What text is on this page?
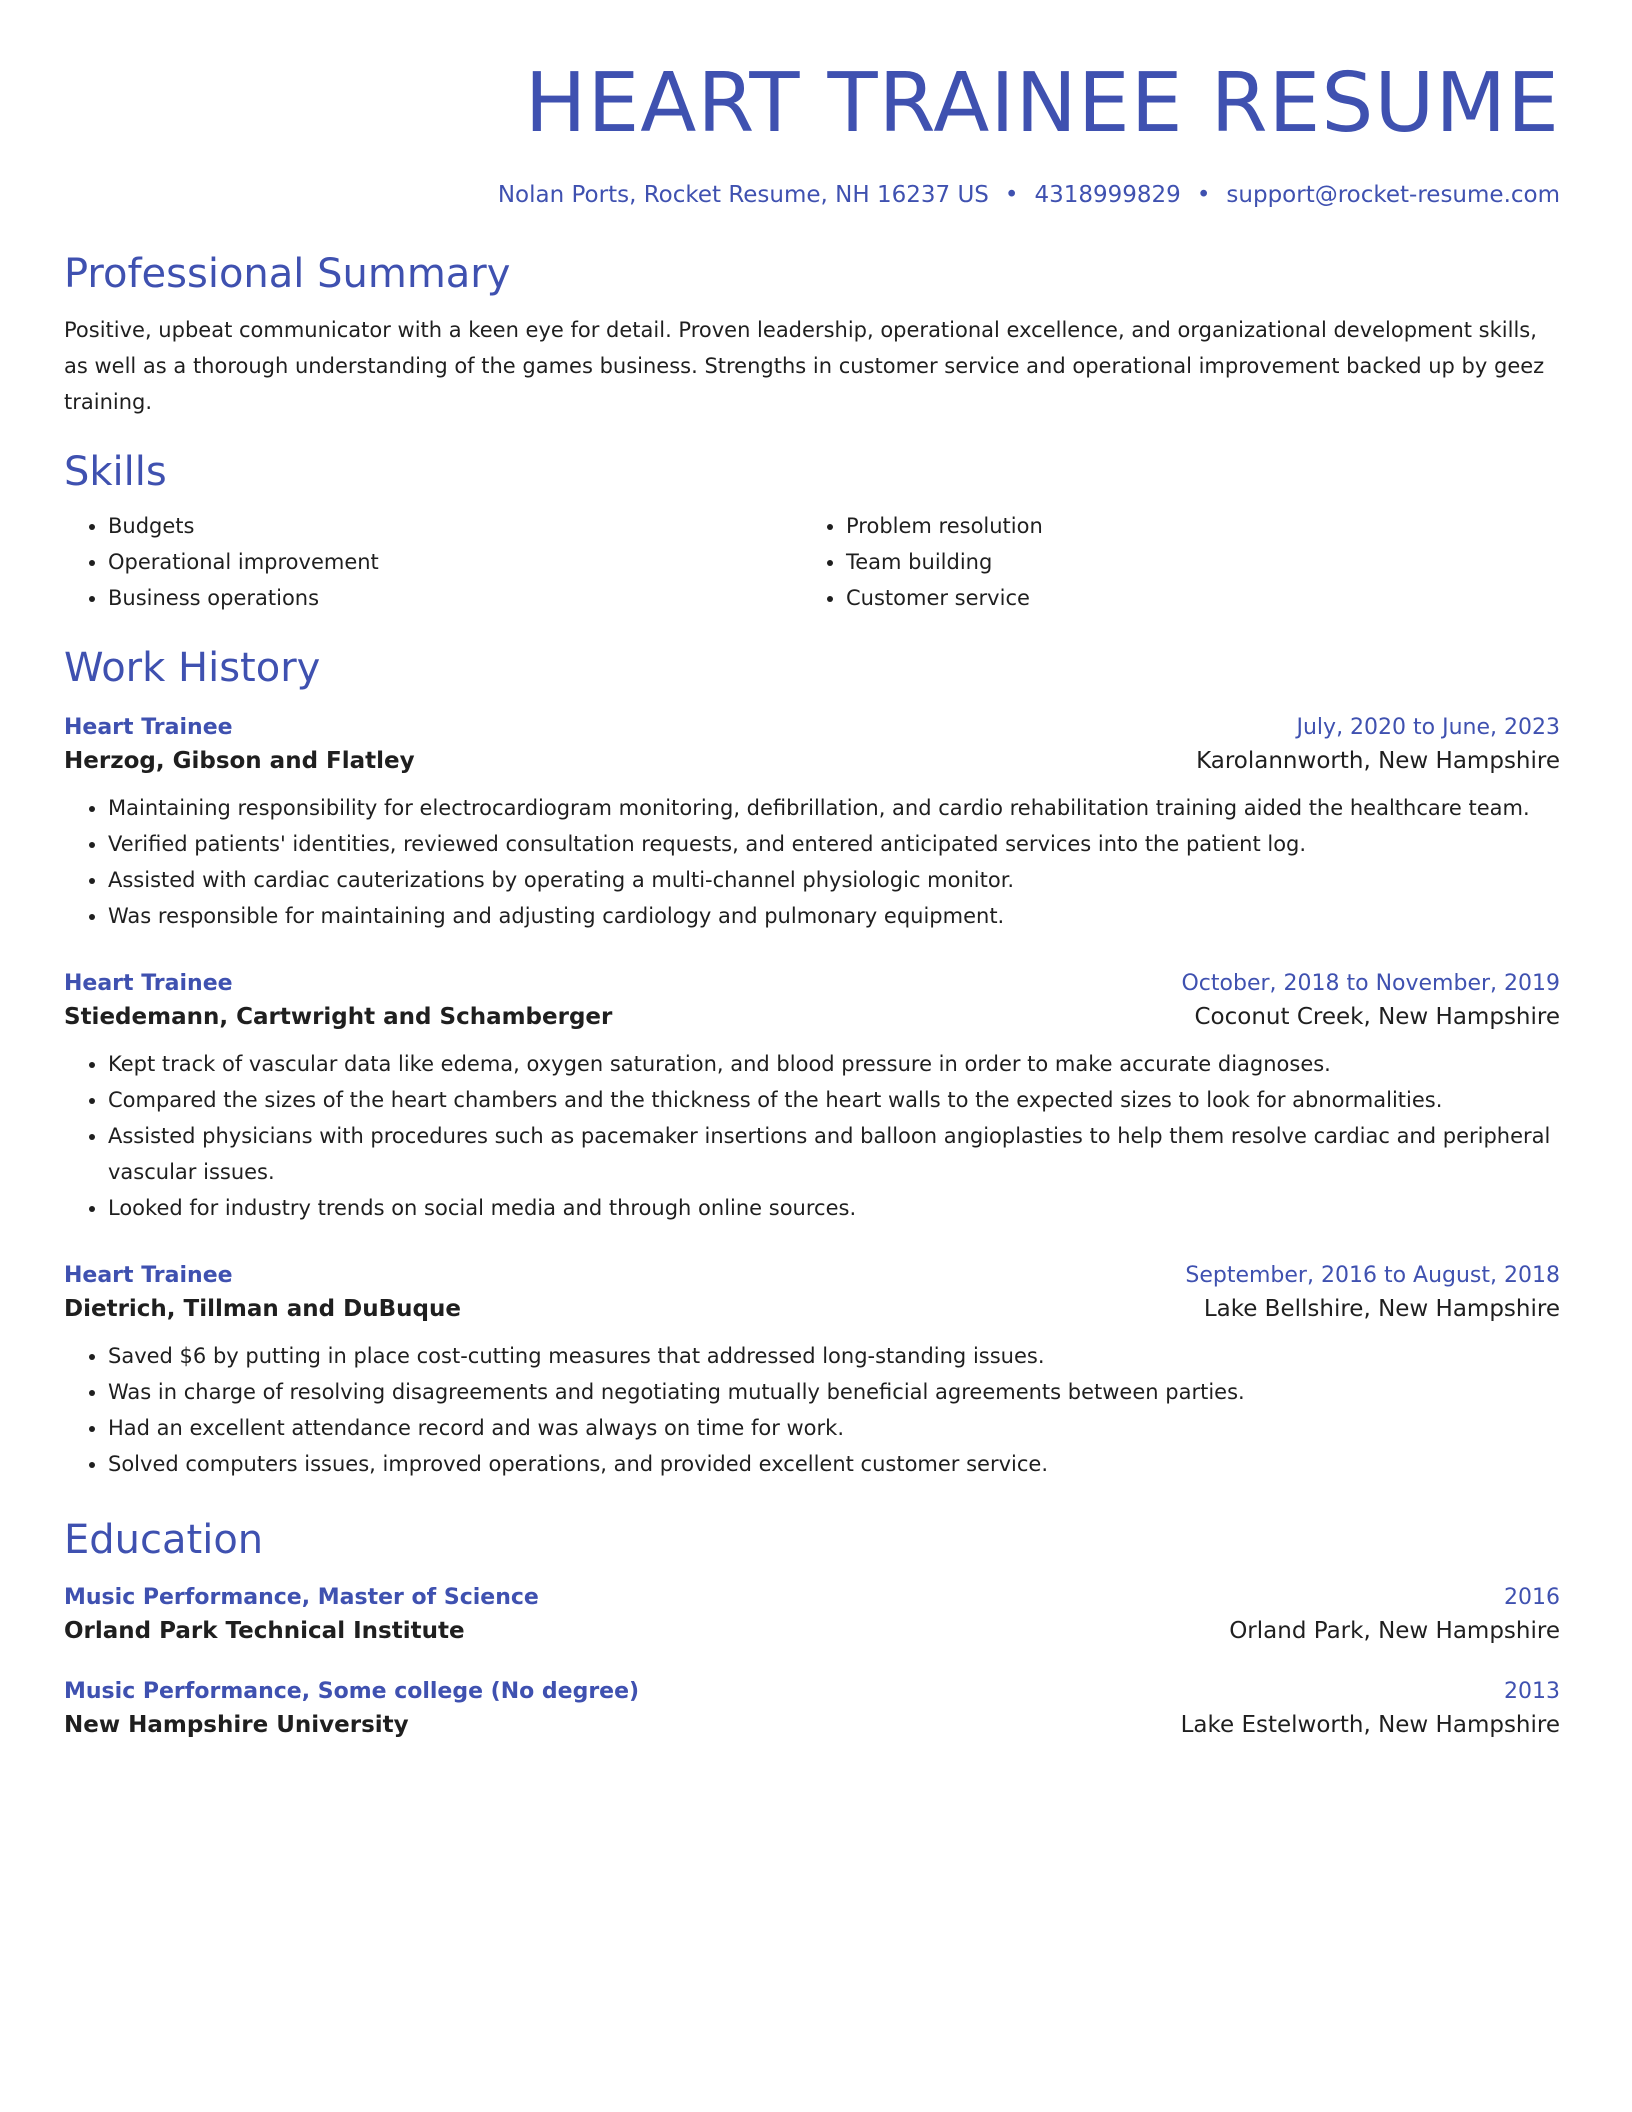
HEART TRAINEE RESUME
Nolan Ports, Rocket Resume, NH 16237 US • 4318999829 • support@rocket-resume.com
Professional Summary
Positive, upbeat communicator with a keen eye for detail. Proven leadership, operational excellence, and organizational development skills, as well as a thorough understanding of the games business. Strengths in customer service and operational improvement backed up by geez training.
Skills
• Budgets
• Operational improvement
• Business operations
• Problem resolution
• Team building
• Customer service
Work History
Heart Trainee	July, 2020 to June, 2023
Herzog, Gibson and Flatley	Karolannworth, New Hampshire
• Maintaining responsibility for electrocardiogram monitoring, defibrillation, and cardio rehabilitation training aided the healthcare team.
• Verified patients' identities, reviewed consultation requests, and entered anticipated services into the patient log.
• Assisted with cardiac cauterizations by operating a multi-channel physiologic monitor.
• Was responsible for maintaining and adjusting cardiology and pulmonary equipment.
Heart Trainee	October, 2018 to November, 2019
Stiedemann, Cartwright and Schamberger	Coconut Creek, New Hampshire
• Kept track of vascular data like edema, oxygen saturation, and blood pressure in order to make accurate diagnoses.
• Compared the sizes of the heart chambers and the thickness of the heart walls to the expected sizes to look for abnormalities.
• Assisted physicians with procedures such as pacemaker insertions and balloon angioplasties to help them resolve cardiac and peripheral vascular issues.
• Looked for industry trends on social media and through online sources.
Heart Trainee	September, 2016 to August, 2018
Dietrich, Tillman and DuBuque	Lake Bellshire, New Hampshire
• Saved $6 by putting in place cost-cutting measures that addressed long-standing issues.
• Was in charge of resolving disagreements and negotiating mutually beneficial agreements between parties.
• Had an excellent attendance record and was always on time for work.
• Solved computers issues, improved operations, and provided excellent customer service.
Education
Music Performance, Master of Science	2016
Orland Park Technical Institute	Orland Park, New Hampshire
Music Performance, Some college (No degree)	2013
New Hampshire University	Lake Estelworth, New Hampshire
